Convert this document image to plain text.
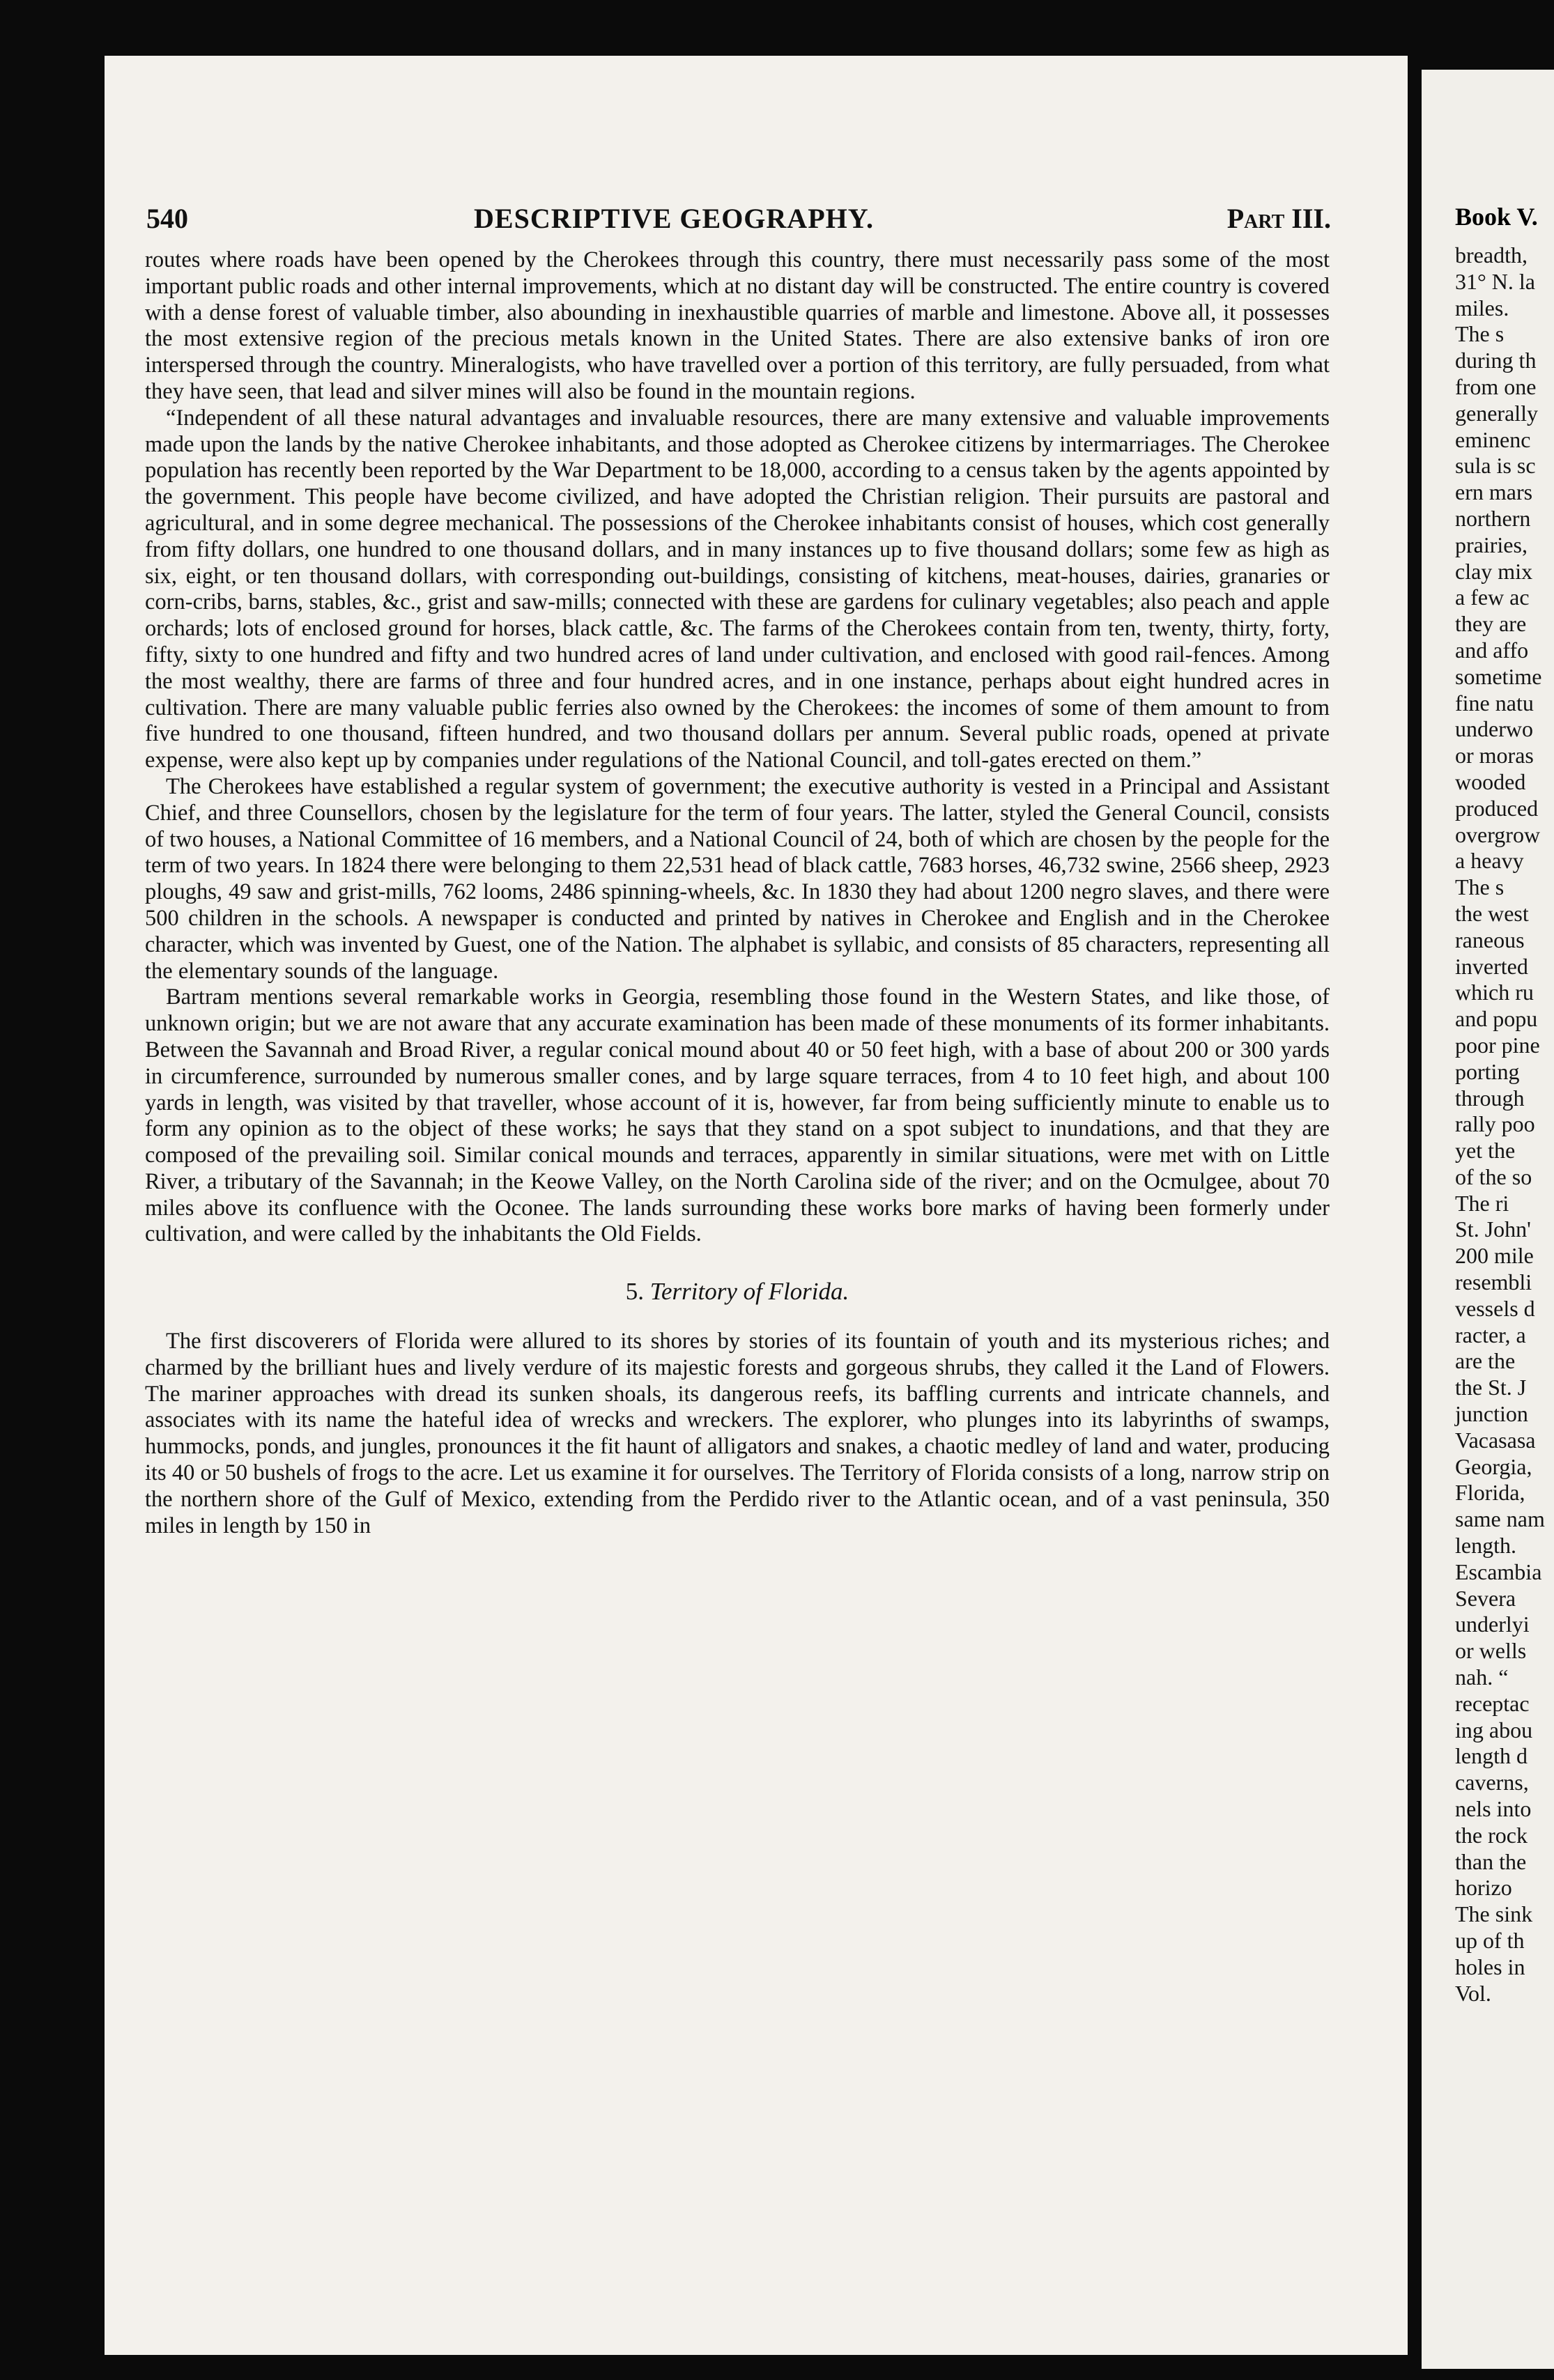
540	DESCRIPTIVE GEOGRAPHY.	Part III.

routes where roads have been opened by the Cherokees through this country, there must necessarily pass some of the most important public roads and other internal improvements, which at no distant day will be constructed. The entire country is covered with a dense forest of valuable timber, also abounding in inexhaustible quarries of marble and limestone. Above all, it possesses the most extensive region of the precious metals known in the United States. There are also extensive banks of iron ore interspersed through the country. Mineralogists, who have travelled over a portion of this territory, are fully persuaded, from what they have seen, that lead and silver mines will also be found in the mountain regions.

“Independent of all these natural advantages and invaluable resources, there are many extensive and valuable improvements made upon the lands by the native Cherokee inhabitants, and those adopted as Cherokee citizens by intermarriages. The Cherokee population has recently been reported by the War Department to be 18,000, according to a census taken by the agents appointed by the government. This people have become civilized, and have adopted the Christian religion. Their pursuits are pastoral and agricultural, and in some degree mechanical. The possessions of the Cherokee inhabitants consist of houses, which cost generally from fifty dollars, one hundred to one thousand dollars, and in many instances up to five thousand dollars; some few as high as six, eight, or ten thousand dollars, with corresponding out-buildings, consisting of kitchens, meat-houses, dairies, granaries or corn-cribs, barns, stables, &c., grist and saw-mills; connected with these are gardens for culinary vegetables; also peach and apple orchards; lots of enclosed ground for horses, black cattle, &c. The farms of the Cherokees contain from ten, twenty, thirty, forty, fifty, sixty to one hundred and fifty and two hundred acres of land under cultivation, and enclosed with good rail-fences. Among the most wealthy, there are farms of three and four hundred acres, and in one instance, perhaps about eight hundred acres in cultivation. There are many valuable public ferries also owned by the Cherokees: the incomes of some of them amount to from five hundred to one thousand, fifteen hundred, and two thousand dollars per annum. Several public roads, opened at private expense, were also kept up by companies under regulations of the National Council, and toll-gates erected on them.”

The Cherokees have established a regular system of government; the executive authority is vested in a Principal and Assistant Chief, and three Counsellors, chosen by the legislature for the term of four years. The latter, styled the General Council, consists of two houses, a National Committee of 16 members, and a National Council of 24, both of which are chosen by the people for the term of two years. In 1824 there were belonging to them 22,531 head of black cattle, 7683 horses, 46,732 swine, 2566 sheep, 2923 ploughs, 49 saw and grist-mills, 762 looms, 2486 spinning-wheels, &c. In 1830 they had about 1200 negro slaves, and there were 500 children in the schools. A newspaper is conducted and printed by natives in Cherokee and English and in the Cherokee character, which was invented by Guest, one of the Nation. The alphabet is syllabic, and consists of 85 characters, representing all the elementary sounds of the language.

Bartram mentions several remarkable works in Georgia, resembling those found in the Western States, and like those, of unknown origin; but we are not aware that any accurate examination has been made of these monuments of its former inhabitants. Between the Savannah and Broad River, a regular conical mound about 40 or 50 feet high, with a base of about 200 or 300 yards in circumference, surrounded by numerous smaller cones, and by large square terraces, from 4 to 10 feet high, and about 100 yards in length, was visited by that traveller, whose account of it is, however, far from being sufficiently minute to enable us to form any opinion as to the object of these works; he says that they stand on a spot subject to inundations, and that they are composed of the prevailing soil. Similar conical mounds and terraces, apparently in similar situations, were met with on Little River, a tributary of the Savannah; in the Keowe Valley, on the North Carolina side of the river; and on the Ocmulgee, about 70 miles above its confluence with the Oconee. The lands surrounding these works bore marks of having been formerly under cultivation, and were called by the inhabitants the Old Fields.

5. Territory of Florida.

The first discoverers of Florida were allured to its shores by stories of its fountain of youth and its mysterious riches; and charmed by the brilliant hues and lively verdure of its majestic forests and gorgeous shrubs, they called it the Land of Flowers. The mariner approaches with dread its sunken shoals, its dangerous reefs, its baffling currents and intricate channels, and associates with its name the hateful idea of wrecks and wreckers. The explorer, who plunges into its labyrinths of swamps, hummocks, ponds, and jungles, pronounces it the fit haunt of alligators and snakes, a chaotic medley of land and water, producing its 40 or 50 bushels of frogs to the acre. Let us examine it for ourselves. The Territory of Florida consists of a long, narrow strip on the northern shore of the Gulf of Mexico, extending from the Perdido river to the Atlantic ocean, and of a vast peninsula, 350 miles in length by 150 in

Book V.
breadth,
31° N. la
miles.
The s
during th
from one
generally
eminenc
sula is sc
ern mars
northern
prairies,
clay mix
a few ac
they are
and affo
sometime
fine natu
underwo
or moras
wooded
produced
overgrow
a heavy
The s
the west
raneous
inverted
which ru
and popu
poor pine
porting
through
rally poo
yet the
of the so
The ri
St. John'
200 mile
resembli
vessels d
racter, a
are the
the St. J
junction
Vacasasa
Georgia,
Florida,
same nam
length.
Escambia
Severa
underlyi
or wells
nah. “
receptac
ing abou
length d
caverns,
nels into
the rock
than the
horizo
The sink
up of th
holes in
Vol.
